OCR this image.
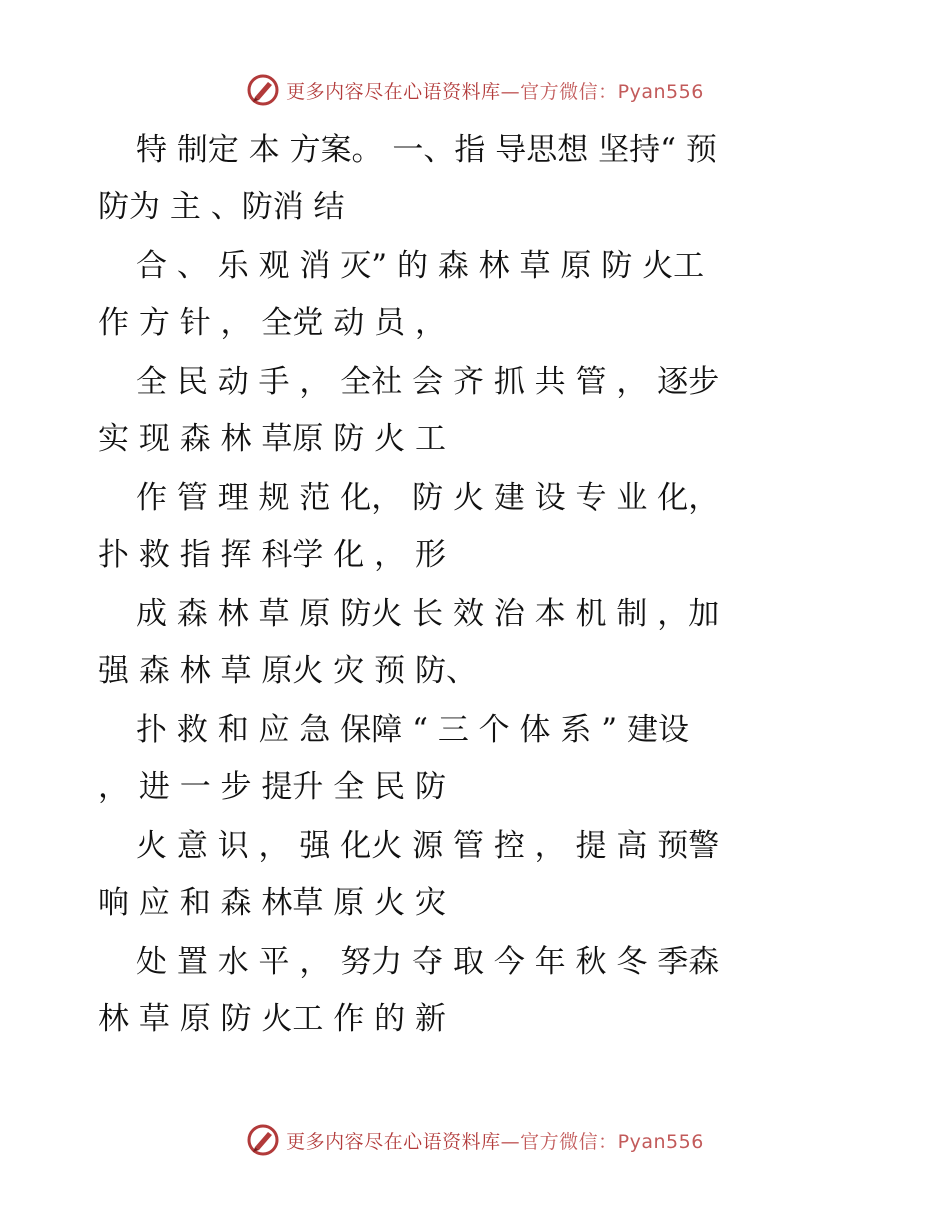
更多内容尽在心语资料库—官方微信：Pyan556
特 制定 本 方案。 一、指 导思想 坚持“ 预
防为 主 、防消 结
合 、 乐 观 消 灭” 的 森 林 草 原 防 火工
作 方 针 ， 全党 动 员 ，
全 民 动 手 ， 全社 会 齐 抓 共 管 ， 逐步
实 现 森 林 草原 防 火 工
作 管 理 规 范 化， 防 火 建 设 专 业 化，
扑 救 指 挥 科学 化 ， 形
成 森 林 草 原 防火 长 效 治 本 机 制 ，加
强 森 林 草 原火 灾 预 防、
扑 救 和 应 急 保障 “ 三 个 体 系 ” 建设
， 进 一 步 提升 全 民 防
火 意 识 ， 强 化火 源 管 控 ， 提 高 预警
响 应 和 森 林草 原 火 灾
处 置 水 平 ， 努力 夺 取 今 年 秋 冬 季森
林 草 原 防 火工 作 的 新
更多内容尽在心语资料库—官方微信：Pyan556
